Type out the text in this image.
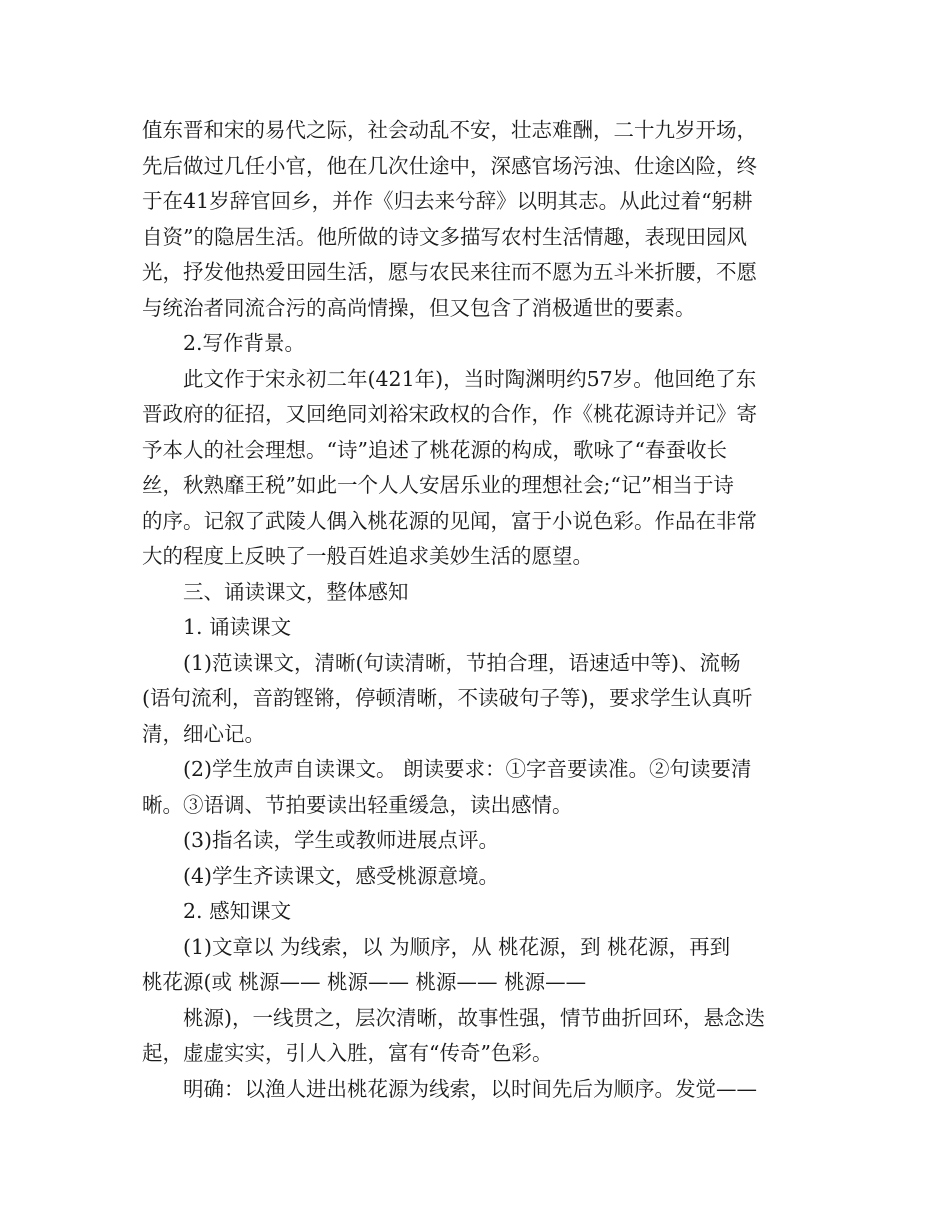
值东晋和宋的易代之际，社会动乱不安，壮志难酬，二十九岁开场，

先后做过几任小官，他在几次仕途中，深感官场污浊、仕途凶险，终

于在41岁辞官回乡，并作《归去来兮辞》以明其志。从此过着“躬耕

自资”的隐居生活。他所做的诗文多描写农村生活情趣，表现田园风

光，抒发他热爱田园生活，愿与农民来往而不愿为五斗米折腰，不愿

与统治者同流合污的高尚情操，但又包含了消极遁世的要素。

2.写作背景。

此文作于宋永初二年(421年)，当时陶渊明约57岁。他回绝了东

晋政府的征招，又回绝同刘裕宋政权的合作，作《桃花源诗并记》寄

予本人的社会理想。“诗”追述了桃花源的构成，歌咏了“春蚕收长

丝，秋熟靡王税”如此一个人人安居乐业的理想社会;“记”相当于诗

的序。记叙了武陵人偶入桃花源的见闻，富于小说色彩。作品在非常

大的程度上反映了一般百姓追求美妙生活的愿望。

三、诵读课文，整体感知

1. 诵读课文

(1)范读课文，清晰(句读清晰，节拍合理，语速适中等)、流畅

(语句流利，音韵铿锵，停顿清晰，不读破句子等)，要求学生认真听

清，细心记。

(2)学生放声自读课文。 朗读要求：①字音要读准。②句读要清

晰。③语调、节拍要读出轻重缓急，读出感情。

(3)指名读，学生或教师进展点评。

(4)学生齐读课文，感受桃源意境。

2. 感知课文

(1)文章以 为线索，以 为顺序，从 桃花源，到 桃花源，再到

桃花源(或 桃源—— 桃源—— 桃源—— 桃源——

桃源)，一线贯之，层次清晰，故事性强，情节曲折回环，悬念迭

起，虚虚实实，引人入胜，富有“传奇”色彩。

明确：以渔人进出桃花源为线索，以时间先后为顺序。发觉——
